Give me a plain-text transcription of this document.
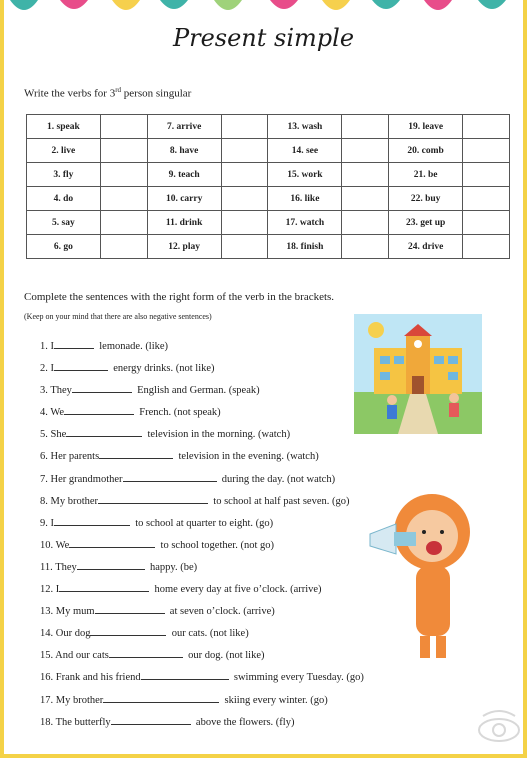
Present simple
Write the verbs for 3rd person singular
1. speak		7. arrive		13. wash		19. leave	
2. live		8. have		14. see		20. comb	
3. fly		9. teach		15. work		21. be	
4. do		10. carry		16. like		22. buy	
5. say		11. drink		17. watch		23. get up	
6. go		12. play		18. finish		24. drive	
Complete the sentences with the right form of the verb in the brackets.
(Keep on your mind that there are also negative sentences)
1. I	lemonade. (like)
2. I	energy drinks. (not like)
3. They	English and German. (speak)
4. We	French. (not speak)
5. She	television in the morning. (watch)
6. Her parents	television in the evening. (watch)
7. Her grandmother	during the day. (not watch)
8. My brother	to school at half past seven. (go)
9. I	to school at quarter to eight. (go)
10. We	to school together. (not go)
11. They	happy. (be)
12. I	home every day at five o’clock. (arrive)
13. My mum	at seven o’clock. (arrive)
14. Our dog	our cats. (not like)
15. And our cats	our dog. (not like)
16. Frank and his friend	swimming every Tuesday. (go)
17. My brother	skiing every winter. (go)
18. The butterfly	above the flowers. (fly)
